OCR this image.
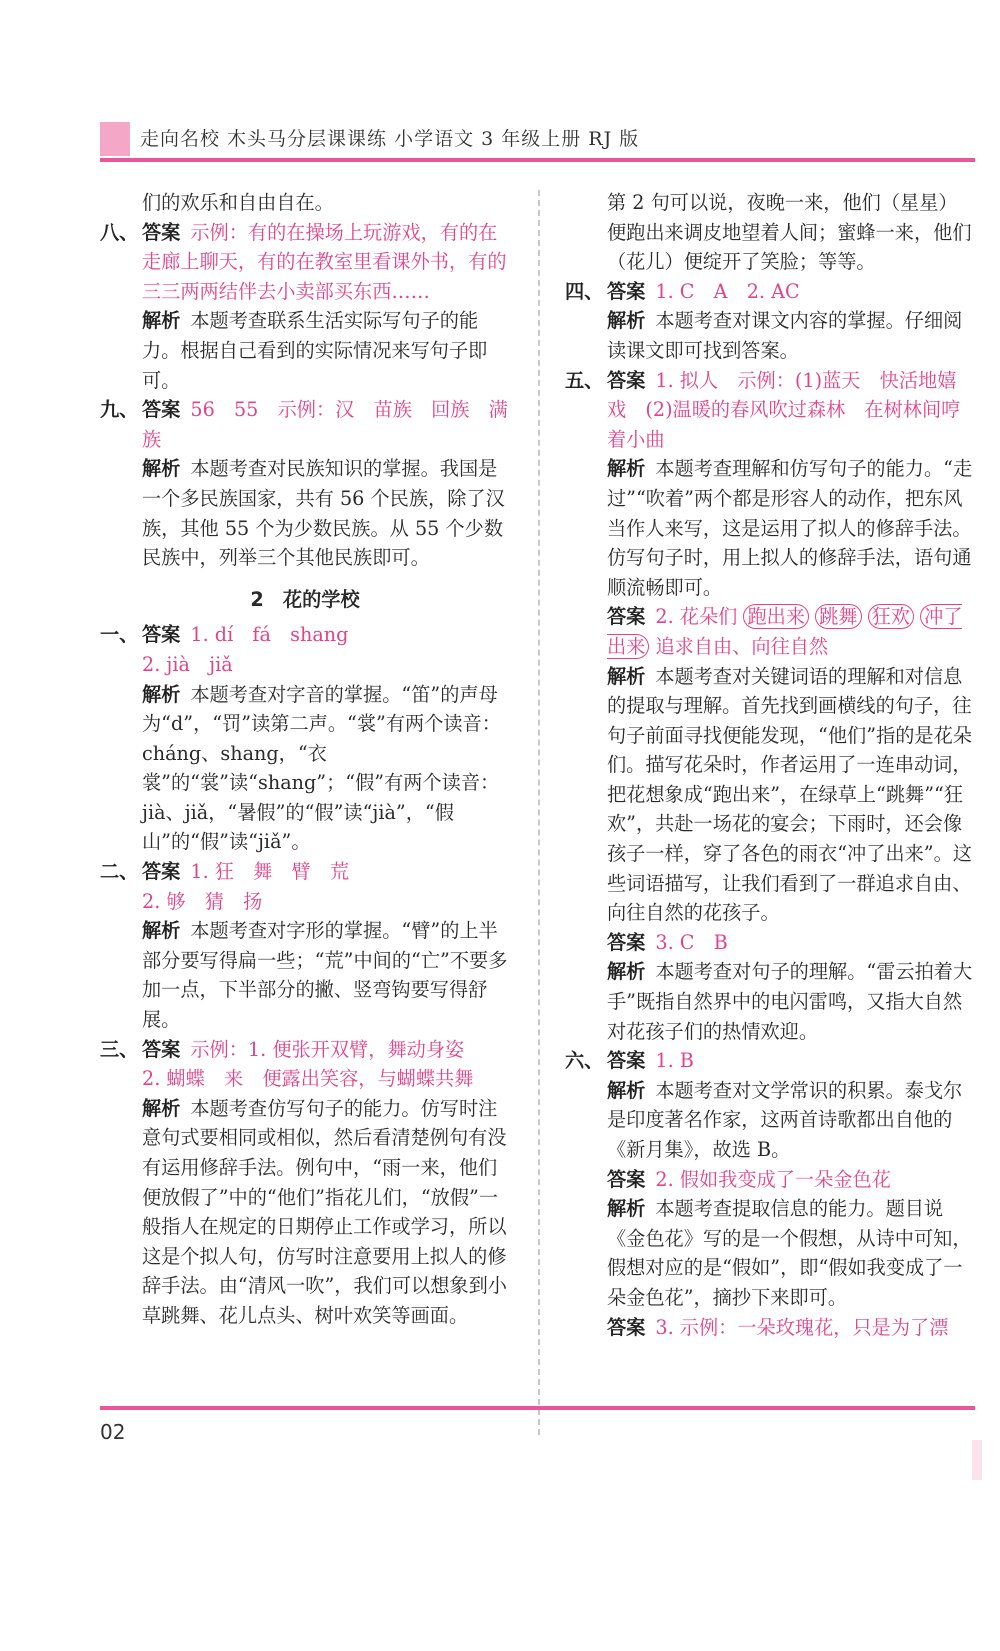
走向名校 木头马分层课课练 小学语文 3 年级上册 RJ 版
们的欢乐和自由自在。
八、 答案 示例：有的在操场上玩游戏，有的在走廊上聊天，有的在教室里看课外书，有的三三两两结伴去小卖部买东西……
解析 本题考查联系生活实际写句子的能力。根据自己看到的实际情况来写句子即可。
九、 答案 56　55　示例：汉　苗族　回族　满族
解析 本题考查对民族知识的掌握。我国是一个多民族国家，共有 56 个民族，除了汉族，其他 55 个为少数民族。从 55 个少数民族中，列举三个其他民族即可。
2　花的学校
一、 答案 1. dí　fá　shang
2. jià　jiǎ
解析 本题考查对字音的掌握。“笛”的声母为“d”，“罚”读第二声。“裳”有两个读音：cháng、shang，“衣裳”的“裳”读“shang”；“假”有两个读音：jià、jiǎ，“暑假”的“假”读“jià”，“假山”的“假”读“jiǎ”。
二、 答案 1. 狂　舞　臂　荒
2. 够　猜　扬
解析 本题考查对字形的掌握。“臂”的上半部分要写得扁一些；“荒”中间的“亡”不要多加一点，下半部分的撇、竖弯钩要写得舒展。
三、 答案 示例：1. 便张开双臂，舞动身姿
2. 蝴蝶　来　便露出笑容，与蝴蝶共舞
解析 本题考查仿写句子的能力。仿写时注意句式要相同或相似，然后看清楚例句有没有运用修辞手法。例句中，“雨一来，他们便放假了”中的“他们”指花儿们，“放假”一般指人在规定的日期停止工作或学习，所以这是个拟人句，仿写时注意要用上拟人的修辞手法。由“清风一吹”，我们可以想象到小草跳舞、花儿点头、树叶欢笑等画面。
第 2 句可以说，夜晚一来，他们（星星）便跑出来调皮地望着人间；蜜蜂一来，他们（花儿）便绽开了笑脸；等等。
四、 答案 1. C　A　2. AC
解析 本题考查对课文内容的掌握。仔细阅读课文即可找到答案。
五、 答案 1. 拟人　示例：(1)蓝天　快活地嬉戏　(2)温暖的春风吹过森林　在树林间哼着小曲
解析 本题考查理解和仿写句子的能力。“走过”“吹着”两个都是形容人的动作，把东风当作人来写，这是运用了拟人的修辞手法。仿写句子时，用上拟人的修辞手法，语句通顺流畅即可。
答案 2. 花朵们 跑出来 跳舞 狂欢 冲了出来 追求自由、向往自然
解析 本题考查对关键词语的理解和对信息的提取与理解。首先找到画横线的句子，往句子前面寻找便能发现，“他们”指的是花朵们。描写花朵时，作者运用了一连串动词，把花想象成“跑出来”，在绿草上“跳舞”“狂欢”，共赴一场花的宴会；下雨时，还会像孩子一样，穿了各色的雨衣“冲了出来”。这些词语描写，让我们看到了一群追求自由、向往自然的花孩子。
答案 3. C　B
解析 本题考查对句子的理解。“雷云拍着大手”既指自然界中的电闪雷鸣，又指大自然对花孩子们的热情欢迎。
六、 答案 1. B
解析 本题考查对文学常识的积累。泰戈尔是印度著名作家，这两首诗歌都出自他的《新月集》，故选 B。
答案 2. 假如我变成了一朵金色花
解析 本题考查提取信息的能力。题目说《金色花》写的是一个假想，从诗中可知，假想对应的是“假如”，即“假如我变成了一朵金色花”，摘抄下来即可。
答案 3. 示例：一朵玫瑰花，只是为了漂
02
